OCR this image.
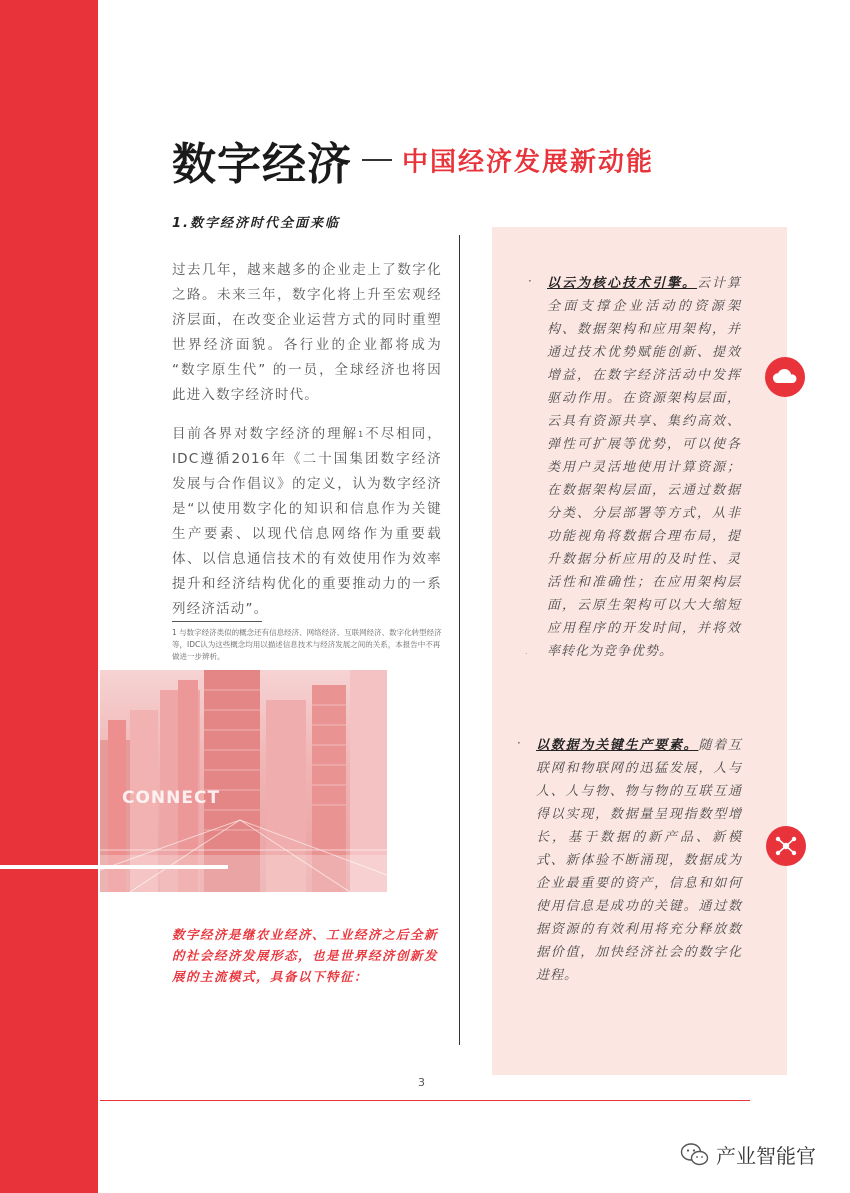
数字经济 中国经济发展新动能
1.数字经济时代全面来临
过去几年，越来越多的企业走上了数字化之路。未来三年，数字化将上升至宏观经济层面，在改变企业运营方式的同时重塑世界经济面貌。各行业的企业都将成为 “数字原生代” 的一员，全球经济也将因此进入数字经济时代。
目前各界对数字经济的理解$^1$不尽相同，IDC遵循2016年《二十国集团数字经济发展与合作倡议》的定义，认为数字经济是“以使用数字化的知识和信息作为关键生产要素、以现代信息网络作为重要载体、以信息通信技术的有效使用作为效率提升和经济结构优化的重要推动力的一系列经济活动”。
1 与数字经济类似的概念还有信息经济、网络经济、互联网经济、数字化转型经济等，IDC认为这些概念均用以描述信息技术与经济发展之间的关系，本报告中不再做进一步辨析。
CONNECT
数字经济是继农业经济、工业经济之后全新的社会经济发展形态，也是世界经济创新发展的主流模式，具备以下特征：
· 以云为核心技术引擎。云计算全面支撑企业活动的资源架构、数据架构和应用架构，并通过技术优势赋能创新、提效增益，在数字经济活动中发挥驱动作用。在资源架构层面，云具有资源共享、集约高效、弹性可扩展等优势，可以使各类用户灵活地使用计算资源；在数据架构层面，云通过数据分类、分层部署等方式，从非功能视角将数据合理布局，提升数据分析应用的及时性、灵活性和准确性；在应用架构层面，云原生架构可以大大缩短应用程序的开发时间，并将效率转化为竞争优势。
.
· 以数据为关键生产要素。随着互联网和物联网的迅猛发展，人与人、人与物、物与物的互联互通得以实现，数据量呈现指数型增长，基于数据的新产品、新模式、新体验不断涌现，数据成为企业最重要的资产，信息和如何使用信息是成功的关键。通过数据资源的有效利用将充分释放数据价值，加快经济社会的数字化进程。
3
产业智能官
